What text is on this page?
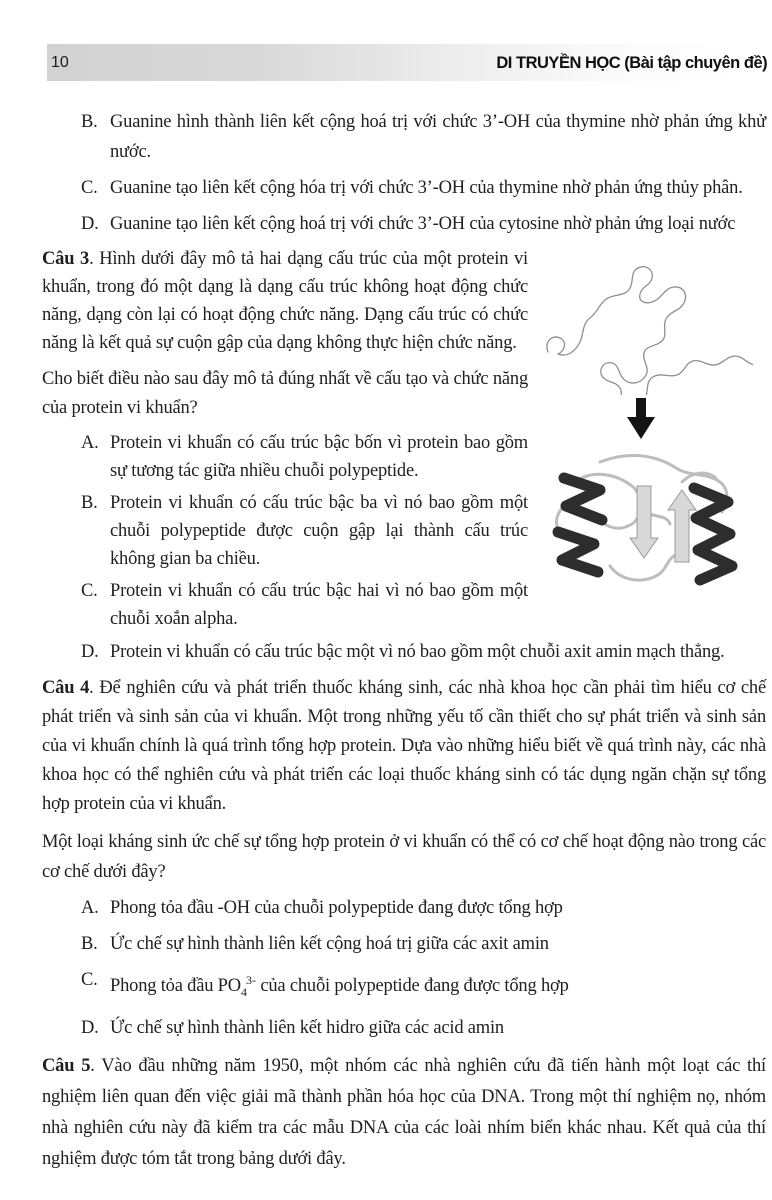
10	DI TRUYỀN HỌC (Bài tập chuyên đề)
B. Guanine hình thành liên kết cộng hoá trị với chức 3’-OH của thymine nhờ phản ứng khử nước.
C. Guanine tạo liên kết cộng hóa trị với chức 3’-OH của thymine nhờ phản ứng thủy phân.
D. Guanine tạo liên kết cộng hoá trị với chức 3’-OH của cytosine nhờ phản ứng loại nước

Câu 3. Hình dưới đây mô tả hai dạng cấu trúc của một protein vi khuẩn, trong đó một dạng là dạng cấu trúc không hoạt động chức năng, dạng còn lại có hoạt động chức năng. Dạng cấu trúc có chức năng là kết quả sự cuộn gập của dạng không thực hiện chức năng.

Cho biết điều nào sau đây mô tả đúng nhất về cấu tạo và chức năng của protein vi khuẩn?

A. Protein vi khuẩn có cấu trúc bậc bốn vì protein bao gồm sự tương tác giữa nhiều chuỗi polypeptide.
B. Protein vi khuẩn có cấu trúc bậc ba vì nó bao gồm một chuỗi polypeptide được cuộn gập lại thành cấu trúc không gian ba chiều.
C. Protein vi khuẩn có cấu trúc bậc hai vì nó bao gồm một chuỗi xoắn alpha.
D. Protein vi khuẩn có cấu trúc bậc một vì nó bao gồm một chuỗi axit amin mạch thẳng.

Câu 4. Để nghiên cứu và phát triển thuốc kháng sinh, các nhà khoa học cần phải tìm hiểu cơ chế phát triển và sinh sản của vi khuẩn. Một trong những yếu tố cần thiết cho sự phát triển và sinh sản của vi khuẩn chính là quá trình tổng hợp protein. Dựa vào những hiểu biết về quá trình này, các nhà khoa học có thể nghiên cứu và phát triển các loại thuốc kháng sinh có tác dụng ngăn chặn sự tổng hợp protein của vi khuẩn.

Một loại kháng sinh ức chế sự tổng hợp protein ở vi khuẩn có thể có cơ chế hoạt động nào trong các cơ chế dưới đây?

A. Phong tỏa đầu -OH của chuỗi polypeptide đang được tổng hợp
B. Ức chế sự hình thành liên kết cộng hoá trị giữa các axit amin
C. Phong tỏa đầu $PO_4^{3-}$ của chuỗi polypeptide đang được tổng hợp
D. Ức chế sự hình thành liên kết hidro giữa các acid amin

Câu 5. Vào đầu những năm 1950, một nhóm các nhà nghiên cứu đã tiến hành một loạt các thí nghiệm liên quan đến việc giải mã thành phần hóa học của DNA. Trong một thí nghiệm nọ, nhóm nhà nghiên cứu này đã kiểm tra các mẫu DNA của các loài nhím biển khác nhau. Kết quả của thí nghiệm được tóm tắt trong bảng dưới đây.
